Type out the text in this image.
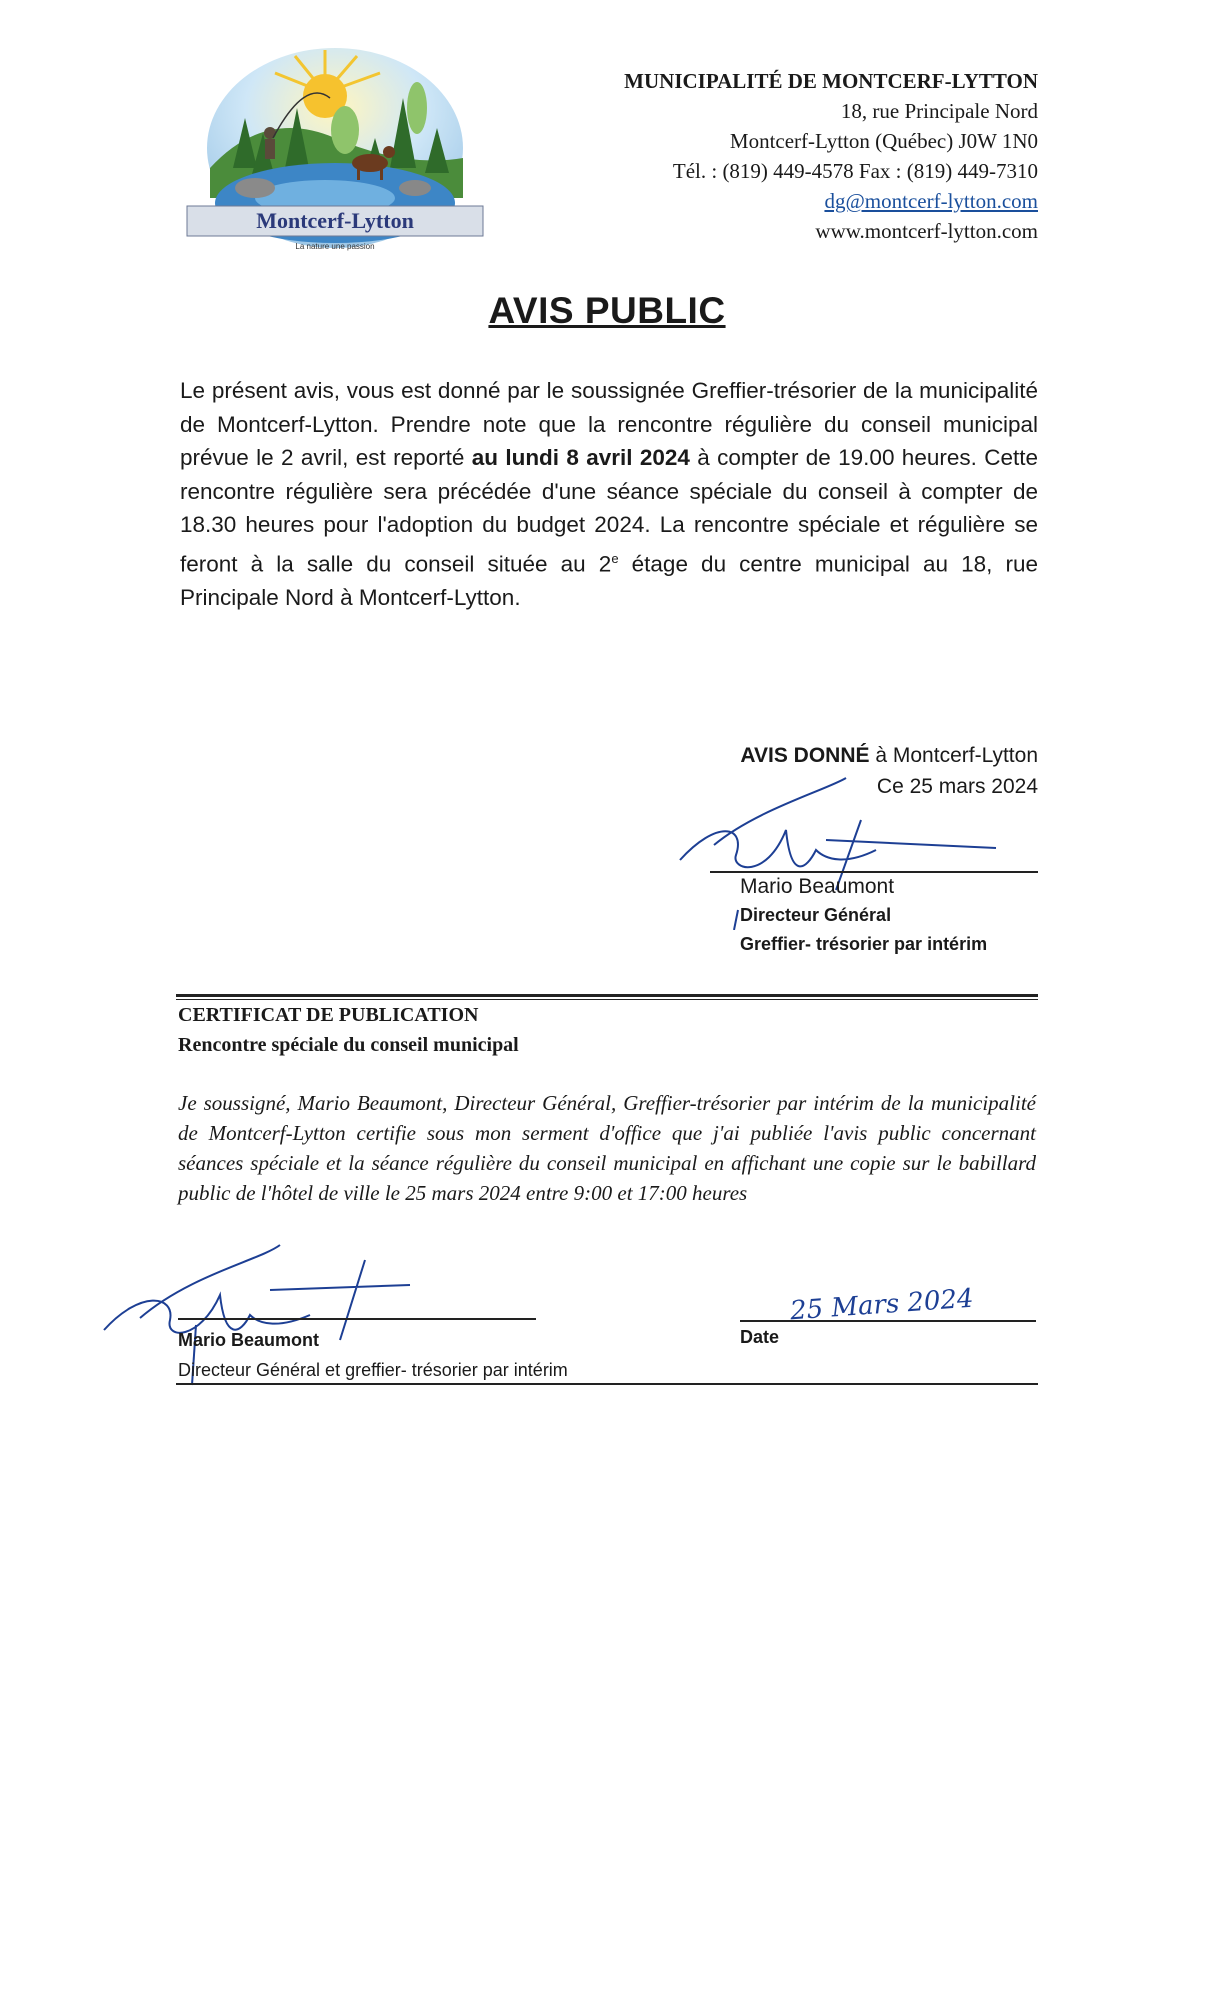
Montcerf-Lytton
La nature une passion
MUNICIPALITÉ DE MONTCERF-LYTTON
18, rue Principale Nord
Montcerf-Lytton (Québec) J0W 1N0
Tél. : (819) 449-4578 Fax : (819) 449-7310
dg@montcerf-lytton.com
www.montcerf-lytton.com
AVIS PUBLIC
Le présent avis, vous est donné par le soussignée Greffier-trésorier de la municipalité de Montcerf-Lytton. Prendre note que la rencontre régulière du conseil municipal prévue le 2 avril, est reporté au lundi 8 avril 2024 à compter de 19.00 heures. Cette rencontre régulière sera précédée d'une séance spéciale du conseil à compter de 18.30 heures pour l'adoption du budget 2024. La rencontre spéciale et régulière se feront à la salle du conseil située au 2e étage du centre municipal au 18, rue Principale Nord à Montcerf-Lytton.
AVIS DONNÉ à Montcerf-Lytton
Ce 25 mars 2024
Mario Beaumont
Directeur Général
Greffier- trésorier par intérim
CERTIFICAT DE PUBLICATION
Rencontre spéciale du conseil municipal
Je soussigné, Mario Beaumont, Directeur Général, Greffier-trésorier par intérim de la municipalité de Montcerf-Lytton certifie sous mon serment d'office que j'ai publiée l'avis public concernant séances spéciale et la séance régulière du conseil municipal en affichant une copie sur le babillard public de l'hôtel de ville le 25 mars 2024 entre 9:00 et 17:00 heures
Mario Beaumont
Directeur Général et greffier- trésorier par intérim
25 Mars 2024
Date
